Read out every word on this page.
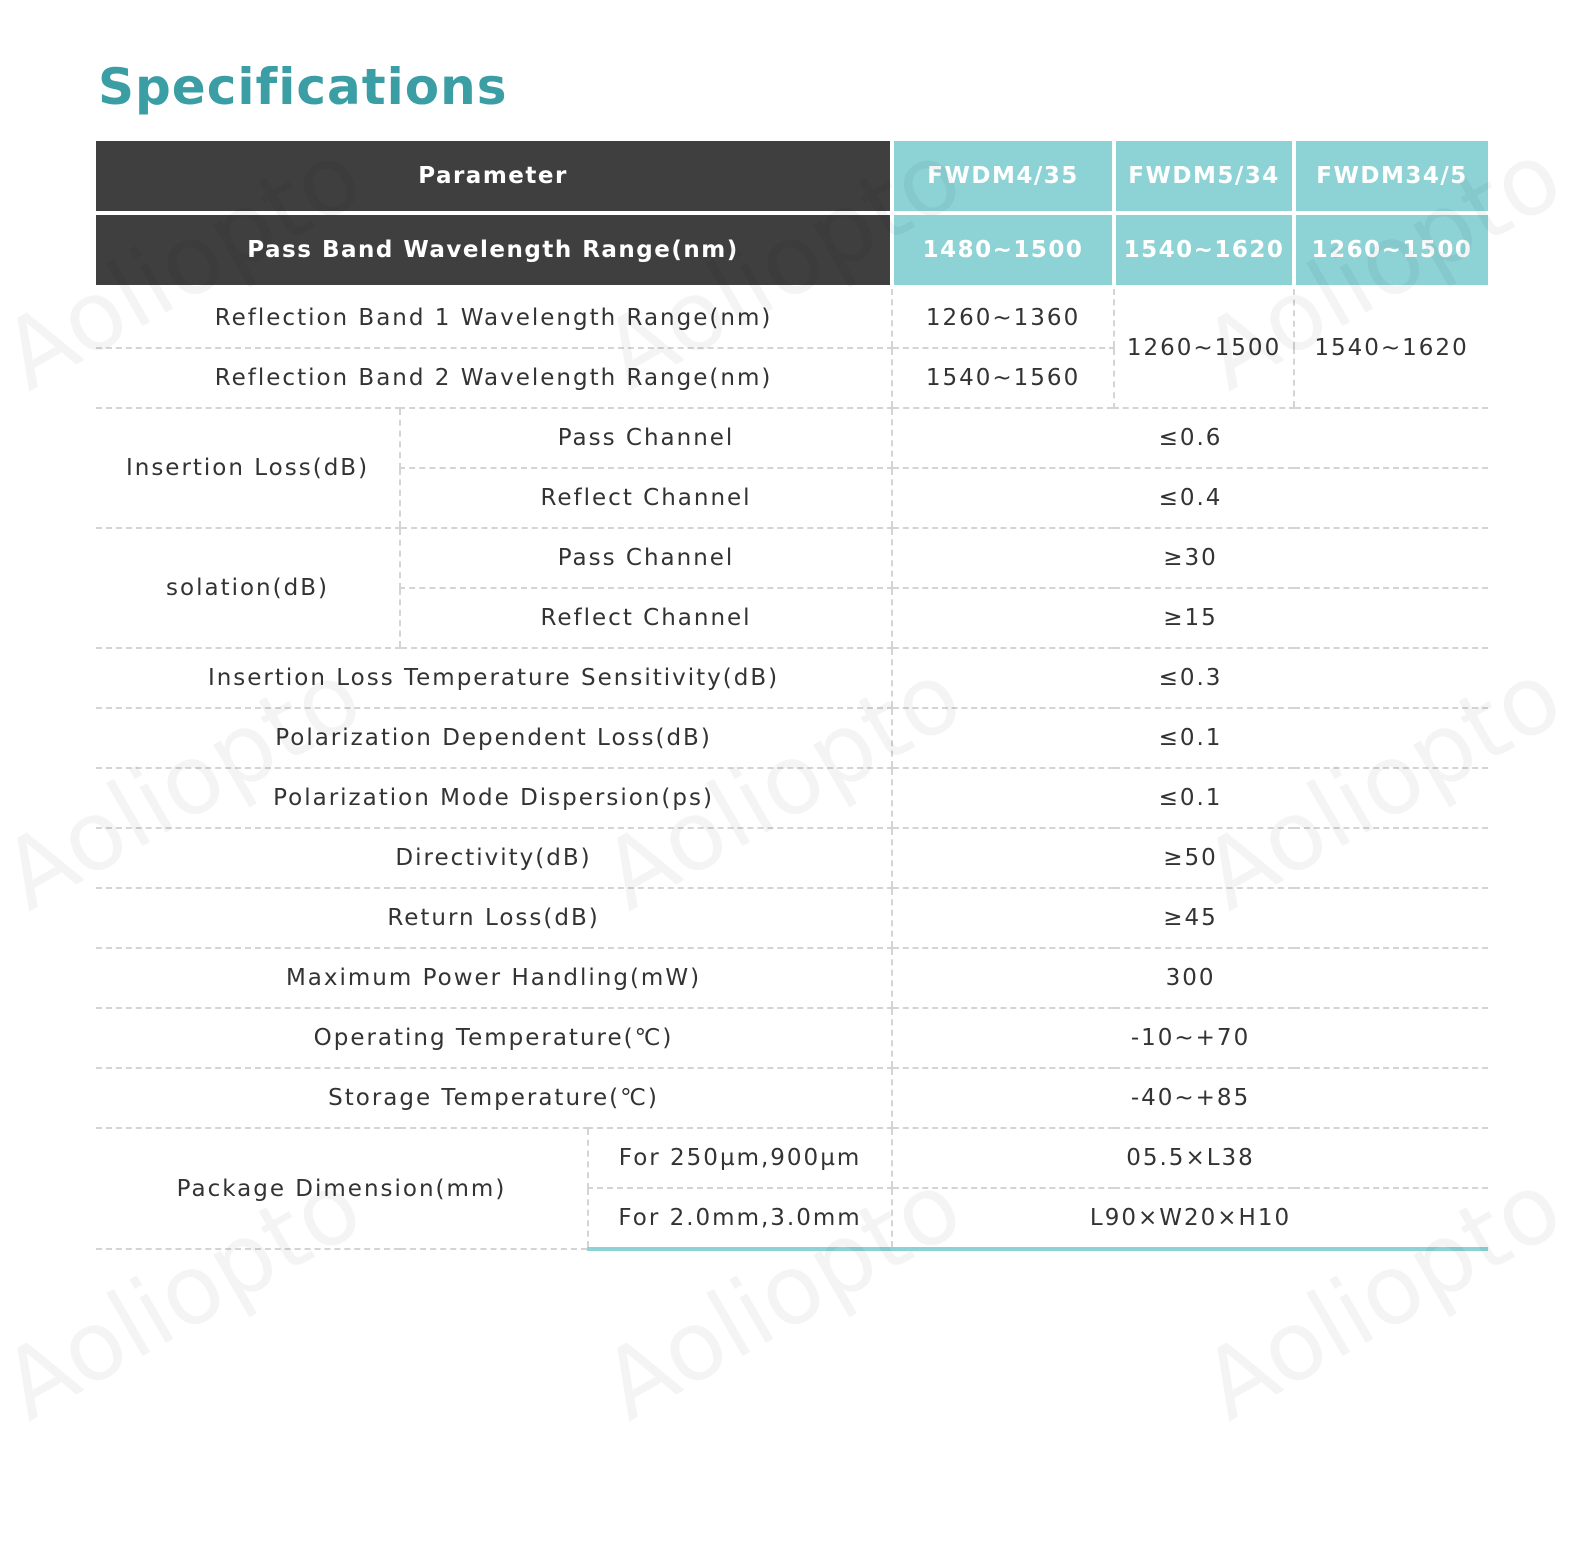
Specifications
Parameter			FWDM4/35	FWDM5/34	FWDM34/5
Pass Band Wavelength Range(nm)			1480~1500	1540~1620	1260~1500
Reflection Band 1 Wavelength Range(nm)			1260~1360	1260~1500	1540~1620
Reflection Band 2 Wavelength Range(nm)			1540~1560		
Insertion Loss(dB)	Pass Channel		≤0.6		
	Reflect Channel		≤0.4		
solation(dB)	Pass Channel		≥30		
	Reflect Channel		≥15		
Insertion Loss Temperature Sensitivity(dB)			≤0.3		
Polarization Dependent Loss(dB)			≤0.1		
Polarization Mode Dispersion(ps)			≤0.1		
Directivity(dB)			≥50		
Return Loss(dB)			≥45		
Maximum Power Handling(mW)			300		
Operating Temperature(℃)			-10~+70		
Storage Temperature(℃)			-40~+85		
Package Dimension(mm)		For 250µm,900µm	05.5×L38		
		For 2.0mm,3.0mm	L90×W20×H10		
